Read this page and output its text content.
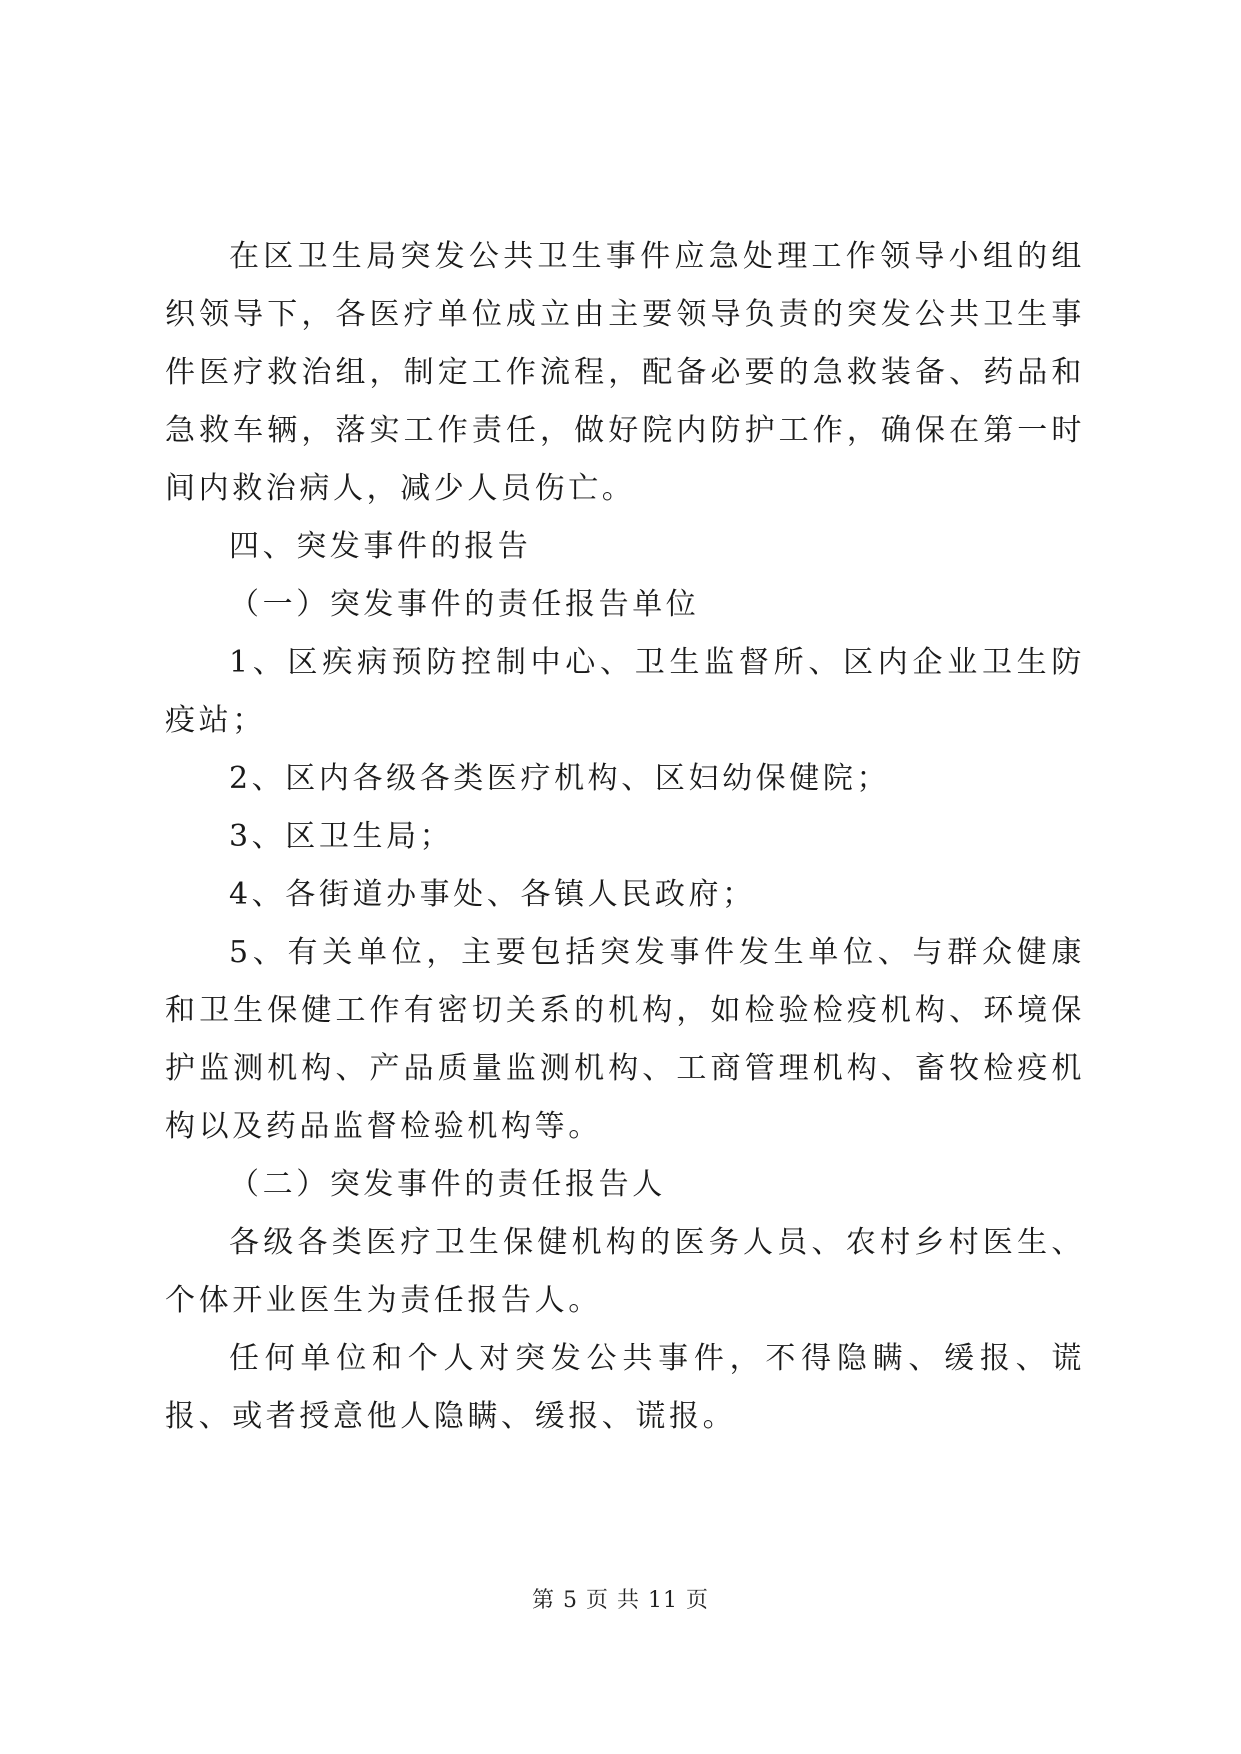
在区卫生局突发公共卫生事件应急处理工作领导小组的组织领导下，各医疗单位成立由主要领导负责的突发公共卫生事件医疗救治组，制定工作流程，配备必要的急救装备、药品和急救车辆，落实工作责任，做好院内防护工作，确保在第一时间内救治病人，减少人员伤亡。

四、突发事件的报告

（一）突发事件的责任报告单位

1、区疾病预防控制中心、卫生监督所、区内企业卫生防疫站；

2、区内各级各类医疗机构、区妇幼保健院；

3、区卫生局；

4、各街道办事处、各镇人民政府；

5、有关单位，主要包括突发事件发生单位、与群众健康和卫生保健工作有密切关系的机构，如检验检疫机构、环境保护监测机构、产品质量监测机构、工商管理机构、畜牧检疫机构以及药品监督检验机构等。

（二）突发事件的责任报告人

各级各类医疗卫生保健机构的医务人员、农村乡村医生、个体开业医生为责任报告人。

任何单位和个人对突发公共事件，不得隐瞒、缓报、谎报、或者授意他人隐瞒、缓报、谎报。

第 5 页 共 11 页
